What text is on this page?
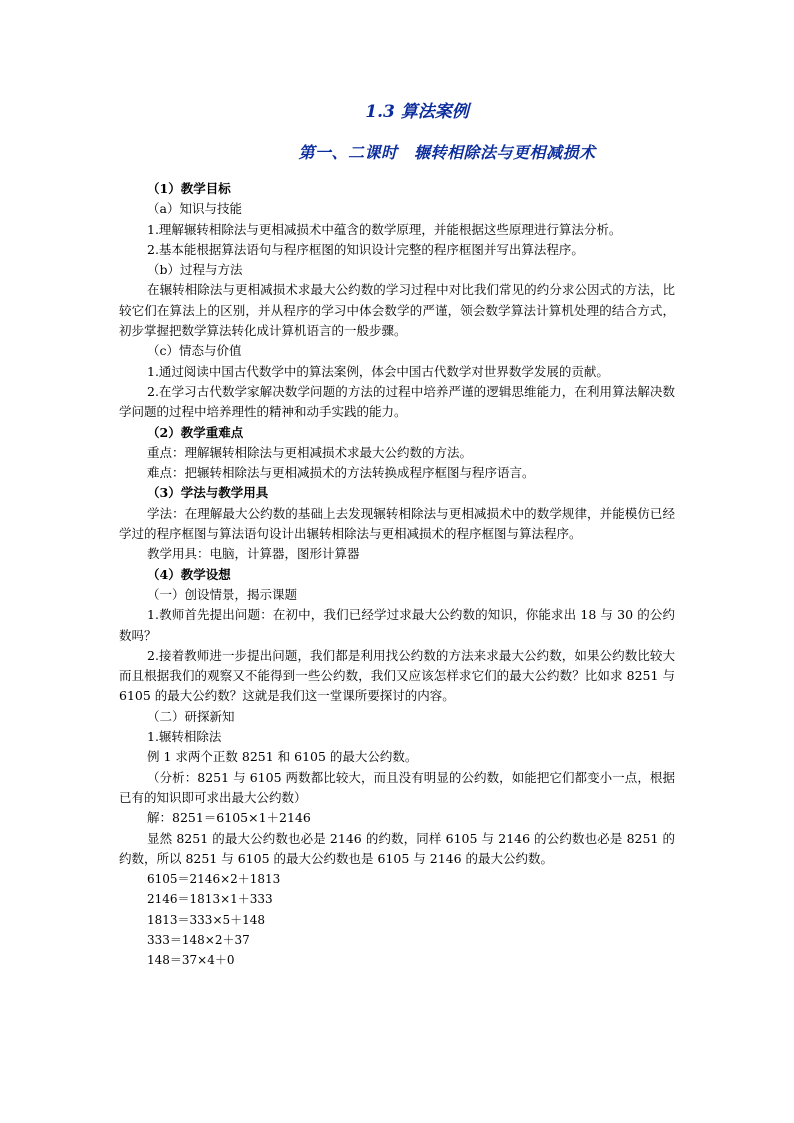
1.3 算法案例
第一、二课时　辗转相除法与更相减损术

（1）教学目标

（a）知识与技能

1.理解辗转相除法与更相减损术中蕴含的数学原理，并能根据这些原理进行算法分析。

2.基本能根据算法语句与程序框图的知识设计完整的程序框图并写出算法程序。

（b）过程与方法

在辗转相除法与更相减损术求最大公约数的学习过程中对比我们常见的约分求公因式的方法，比较它们在算法上的区别，并从程序的学习中体会数学的严谨，领会数学算法计算机处理的结合方式，初步掌握把数学算法转化成计算机语言的一般步骤。

（c）情态与价值

1.通过阅读中国古代数学中的算法案例，体会中国古代数学对世界数学发展的贡献。

2.在学习古代数学家解决数学问题的方法的过程中培养严谨的逻辑思维能力，在利用算法解决数学问题的过程中培养理性的精神和动手实践的能力。

（2）教学重难点

重点：理解辗转相除法与更相减损术求最大公约数的方法。

难点：把辗转相除法与更相减损术的方法转换成程序框图与程序语言。

（3）学法与教学用具

学法：在理解最大公约数的基础上去发现辗转相除法与更相减损术中的数学规律，并能模仿已经学过的程序框图与算法语句设计出辗转相除法与更相减损术的程序框图与算法程序。

教学用具：电脑，计算器，图形计算器

（4）教学设想

（一）创设情景，揭示课题

1.教师首先提出问题：在初中，我们已经学过求最大公约数的知识，你能求出 18 与 30 的公约数吗？

2.接着教师进一步提出问题，我们都是利用找公约数的方法来求最大公约数，如果公约数比较大而且根据我们的观察又不能得到一些公约数，我们又应该怎样求它们的最大公约数？比如求 8251 与 6105 的最大公约数？这就是我们这一堂课所要探讨的内容。

（二）研探新知

1.辗转相除法

例 1 求两个正数 8251 和 6105 的最大公约数。

（分析：8251 与 6105 两数都比较大，而且没有明显的公约数，如能把它们都变小一点，根据已有的知识即可求出最大公约数）

解：8251＝6105×1＋2146

显然 8251 的最大公约数也必是 2146 的约数，同样 6105 与 2146 的公约数也必是 8251 的约数，所以 8251 与 6105 的最大公约数也是 6105 与 2146 的最大公约数。

6105＝2146×2＋1813

2146＝1813×1＋333

1813＝333×5＋148

333＝148×2＋37

148＝37×4＋0
